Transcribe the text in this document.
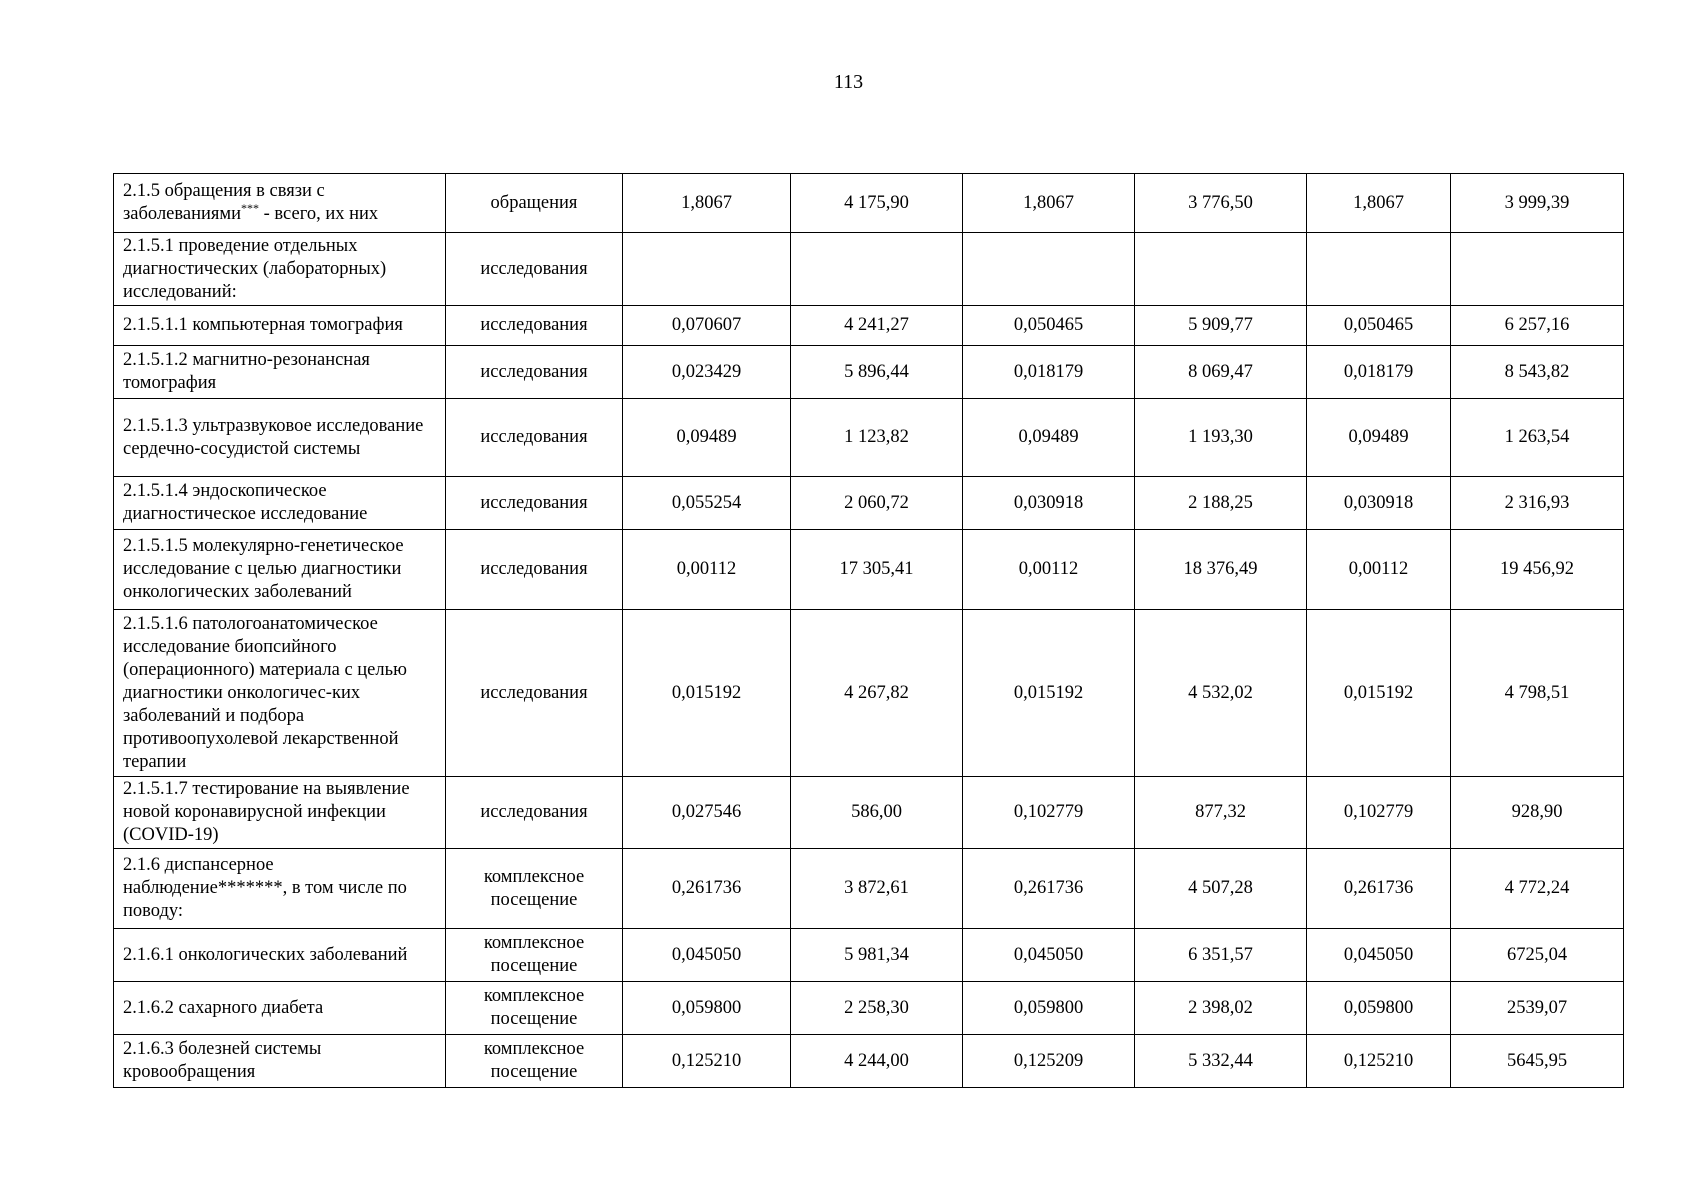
113
2.1.5 обращения в связи с заболеваниями*** - всего, их них	обращения	1,8067	4 175,90	1,8067	3 776,50	1,8067	3 999,39
2.1.5.1 проведение отдельных диагностических (лабораторных) исследований:	исследования						
2.1.5.1.1 компьютерная томография	исследования	0,070607	4 241,27	0,050465	5 909,77	0,050465	6 257,16
2.1.5.1.2 магнитно-резонансная томография	исследования	0,023429	5 896,44	0,018179	8 069,47	0,018179	8 543,82
2.1.5.1.3 ультразвуковое исследование сердечно-сосудистой системы	исследования	0,09489	1 123,82	0,09489	1 193,30	0,09489	1 263,54
2.1.5.1.4 эндоскопическое диагностическое исследование	исследования	0,055254	2 060,72	0,030918	2 188,25	0,030918	2 316,93
2.1.5.1.5 молекулярно-генетическое исследование с целью диагностики онкологических заболеваний	исследования	0,00112	17 305,41	0,00112	18 376,49	0,00112	19 456,92
2.1.5.1.6 патологоанатомическое исследование биопсийного (операционного) материала с целью диагностики онкологичес-ких заболеваний и подбора противоопухолевой лекарственной терапии	исследования	0,015192	4 267,82	0,015192	4 532,02	0,015192	4 798,51
2.1.5.1.7 тестирование на выявление новой коронавирусной инфекции (COVID-19)	исследования	0,027546	586,00	0,102779	877,32	0,102779	928,90
2.1.6 диспансерное наблюдение*******, в том числе по поводу:	комплексное посещение	0,261736	3 872,61	0,261736	4 507,28	0,261736	4 772,24
2.1.6.1 онкологических заболеваний	комплексное посещение	0,045050	5 981,34	0,045050	6 351,57	0,045050	6725,04
2.1.6.2 сахарного диабета	комплексное посещение	0,059800	2 258,30	0,059800	2 398,02	0,059800	2539,07
2.1.6.3 болезней системы кровообращения	комплексное посещение	0,125210	4 244,00	0,125209	5 332,44	0,125210	5645,95
